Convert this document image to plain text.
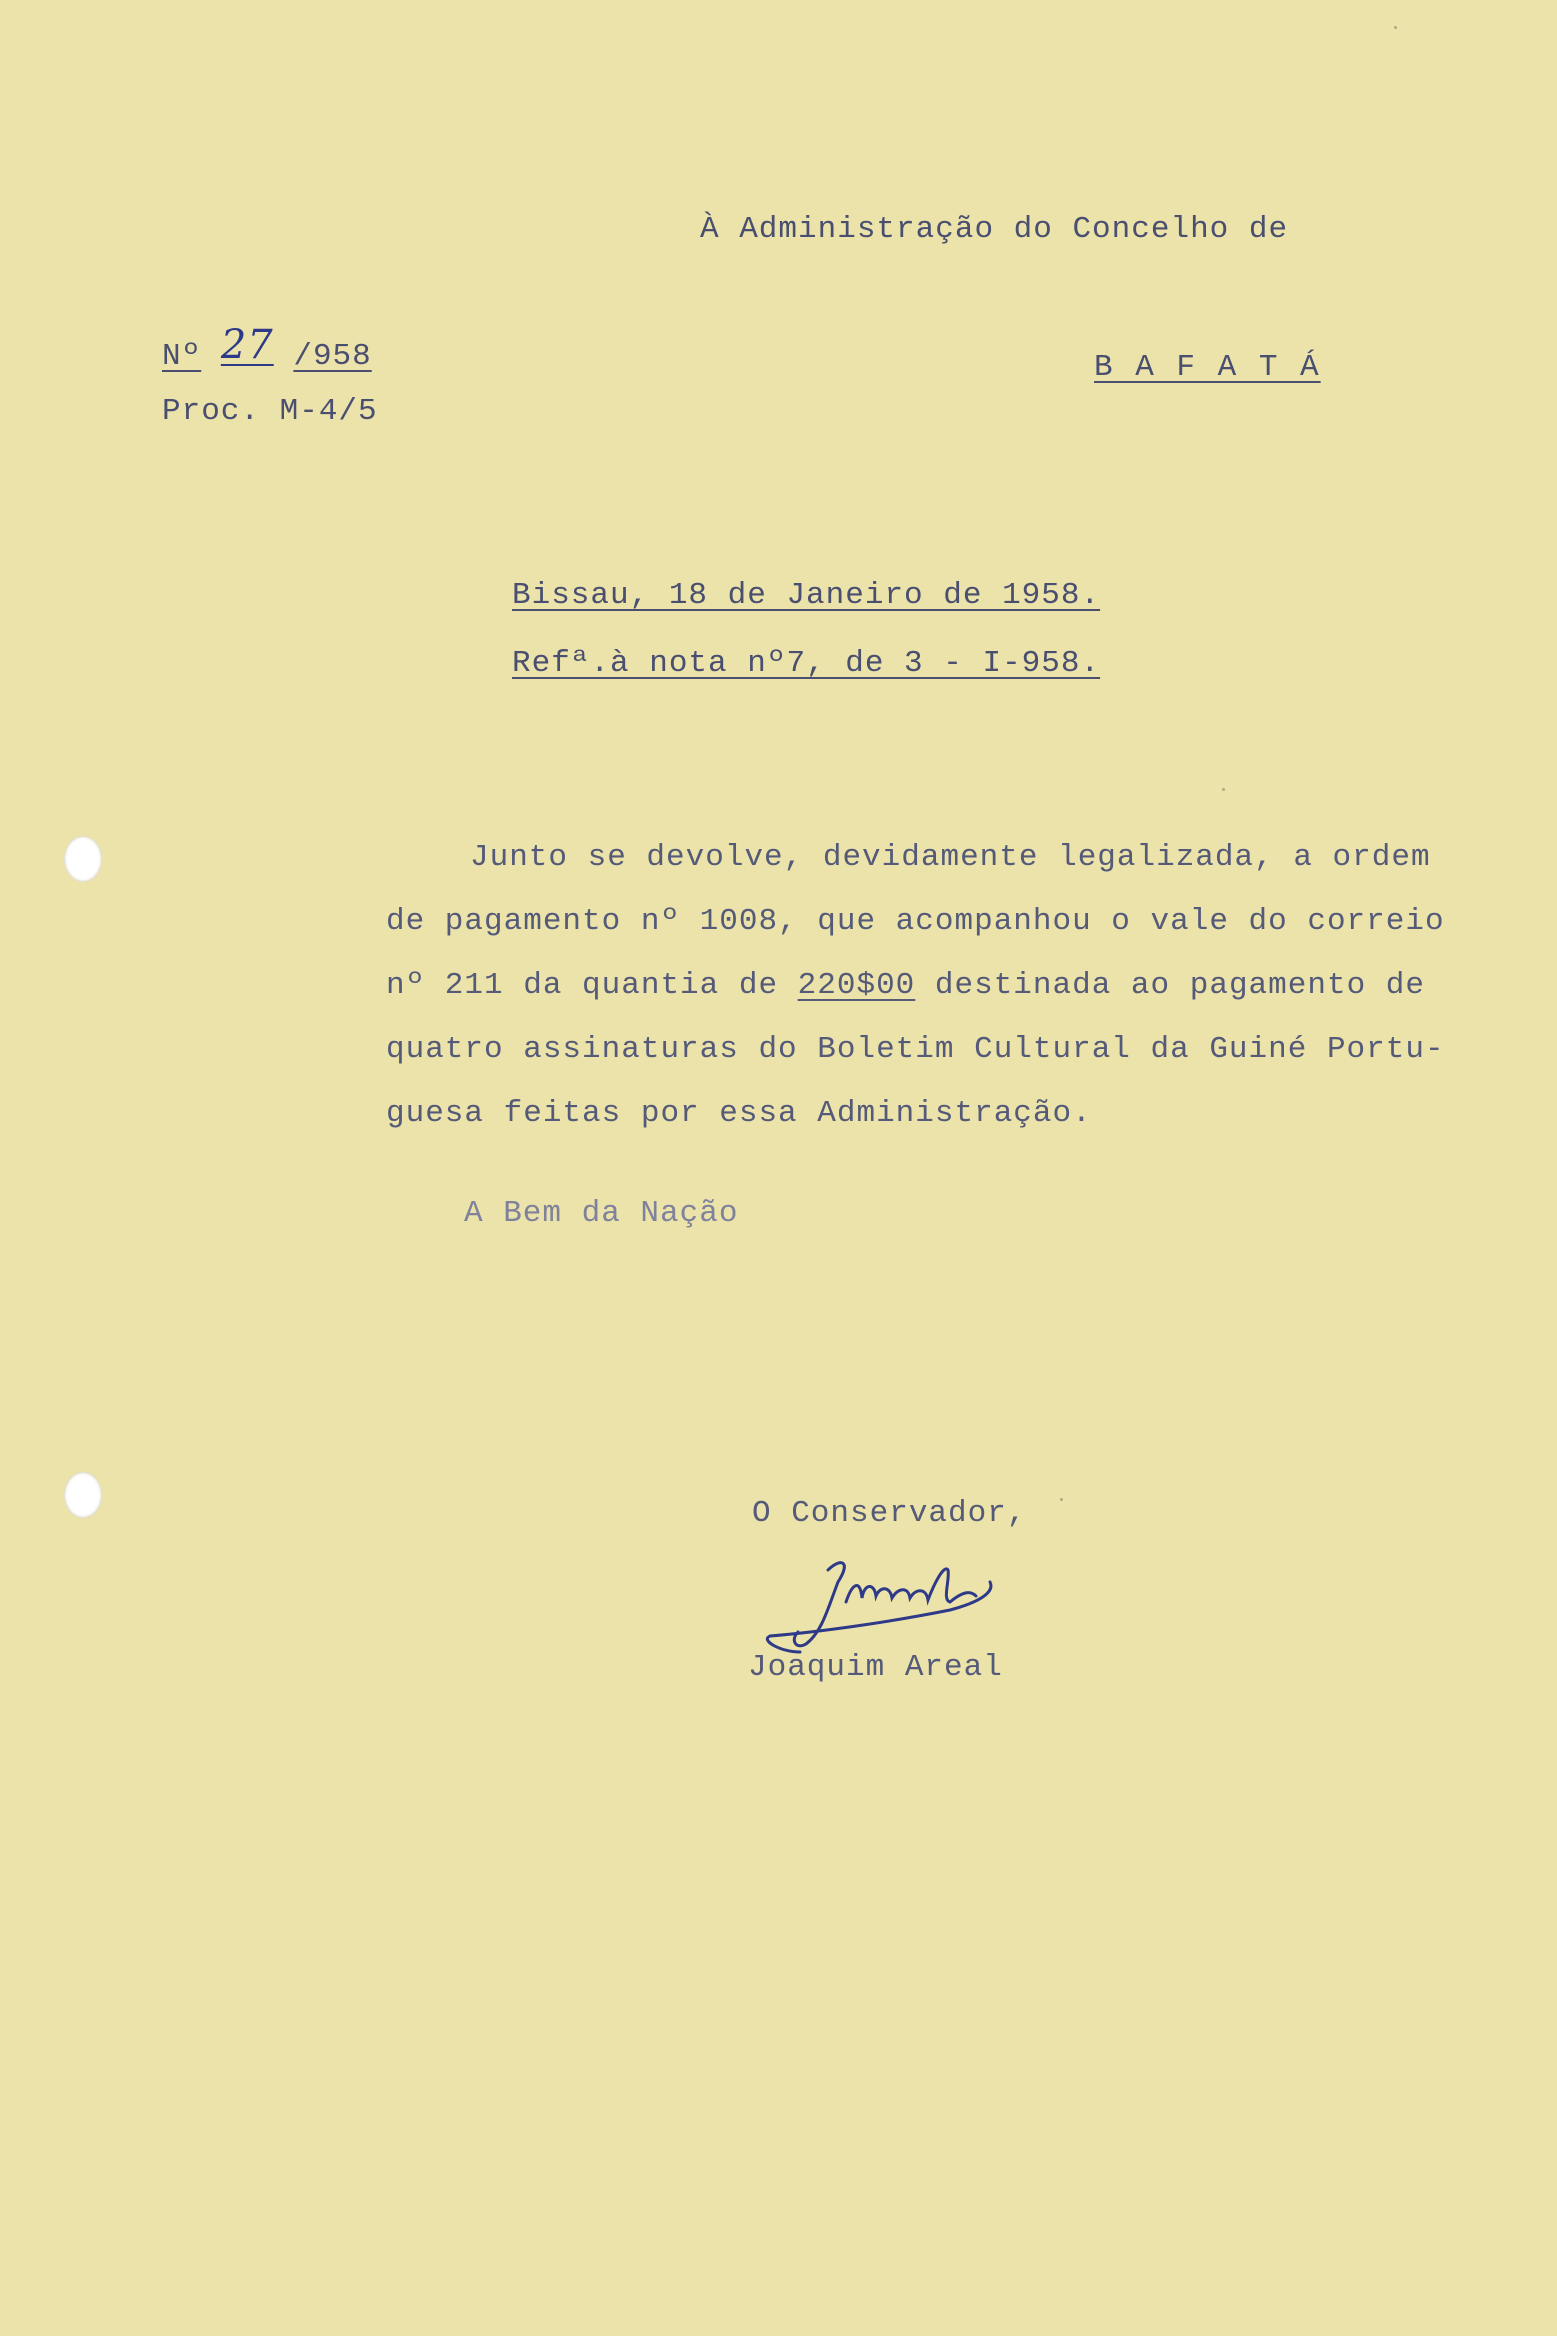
À Administração do Concelho de
B A F A T Á
Nº 27 /958
Proc. M-4/5
Bissau, 18 de Janeiro de 1958.
Refª.à nota nº7, de 3 - I-958.
Junto se devolve, devidamente legalizada, a ordem
de pagamento nº 1008, que acompanhou o vale do correio
nº 211 da quantia de 220$00 destinada ao pagamento de
quatro assinaturas do Boletim Cultural da Guiné Portu-
guesa feitas por essa Administração.
A Bem da Nação
O Conservador,
Joaquim Areal
